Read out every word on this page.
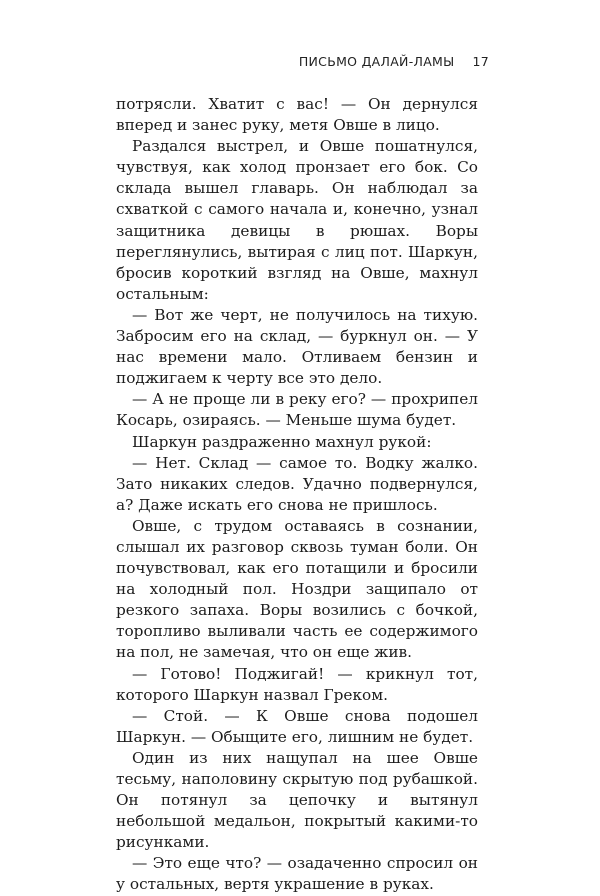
ПИСЬМО ДАЛАЙ-ЛАМЫ 17

потрясли. Хватит с вас! — Он дернулся вперед и занес руку, метя Овше в лицо.

Раздался выстрел, и Овше пошатнулся, чувствуя, как холод пронзает его бок. Со склада вышел главарь. Он наблюдал за схваткой с самого начала и, конечно, узнал защитника девицы в рюшах. Воры переглянулись, вытирая с лиц пот. Шаркун, бросив короткий взгляд на Овше, махнул остальным:

— Вот же черт, не получилось на тихую. Забросим его на склад, — буркнул он. — У нас времени мало. Отливаем бензин и поджигаем к черту все это дело.

— А не проще ли в реку его? — прохрипел Косарь, озираясь. — Меньше шума будет.

Шаркун раздраженно махнул рукой:

— Нет. Склад — самое то. Водку жалко. Зато никаких следов. Удачно подвернулся, а? Даже искать его снова не пришлось.

Овше, с трудом оставаясь в сознании, слышал их разговор сквозь туман боли. Он почувствовал, как его потащили и бросили на холодный пол. Ноздри защипало от резкого запаха. Воры возились с бочкой, торопливо выливали часть ее содержимого на пол, не замечая, что он еще жив.

— Готово! Поджигай! — крикнул тот, которого Шаркун назвал Греком.

— Стой. — К Овше снова подошел Шаркун. — Обыщите его, лишним не будет.

Один из них нащупал на шее Овше тесьму, наполовину скрытую под рубашкой. Он потянул за цепочку и вытянул небольшой медальон, покрытый какими-то рисунками.

— Это еще что? — озадаченно спросил он у остальных, вертя украшение в руках.
